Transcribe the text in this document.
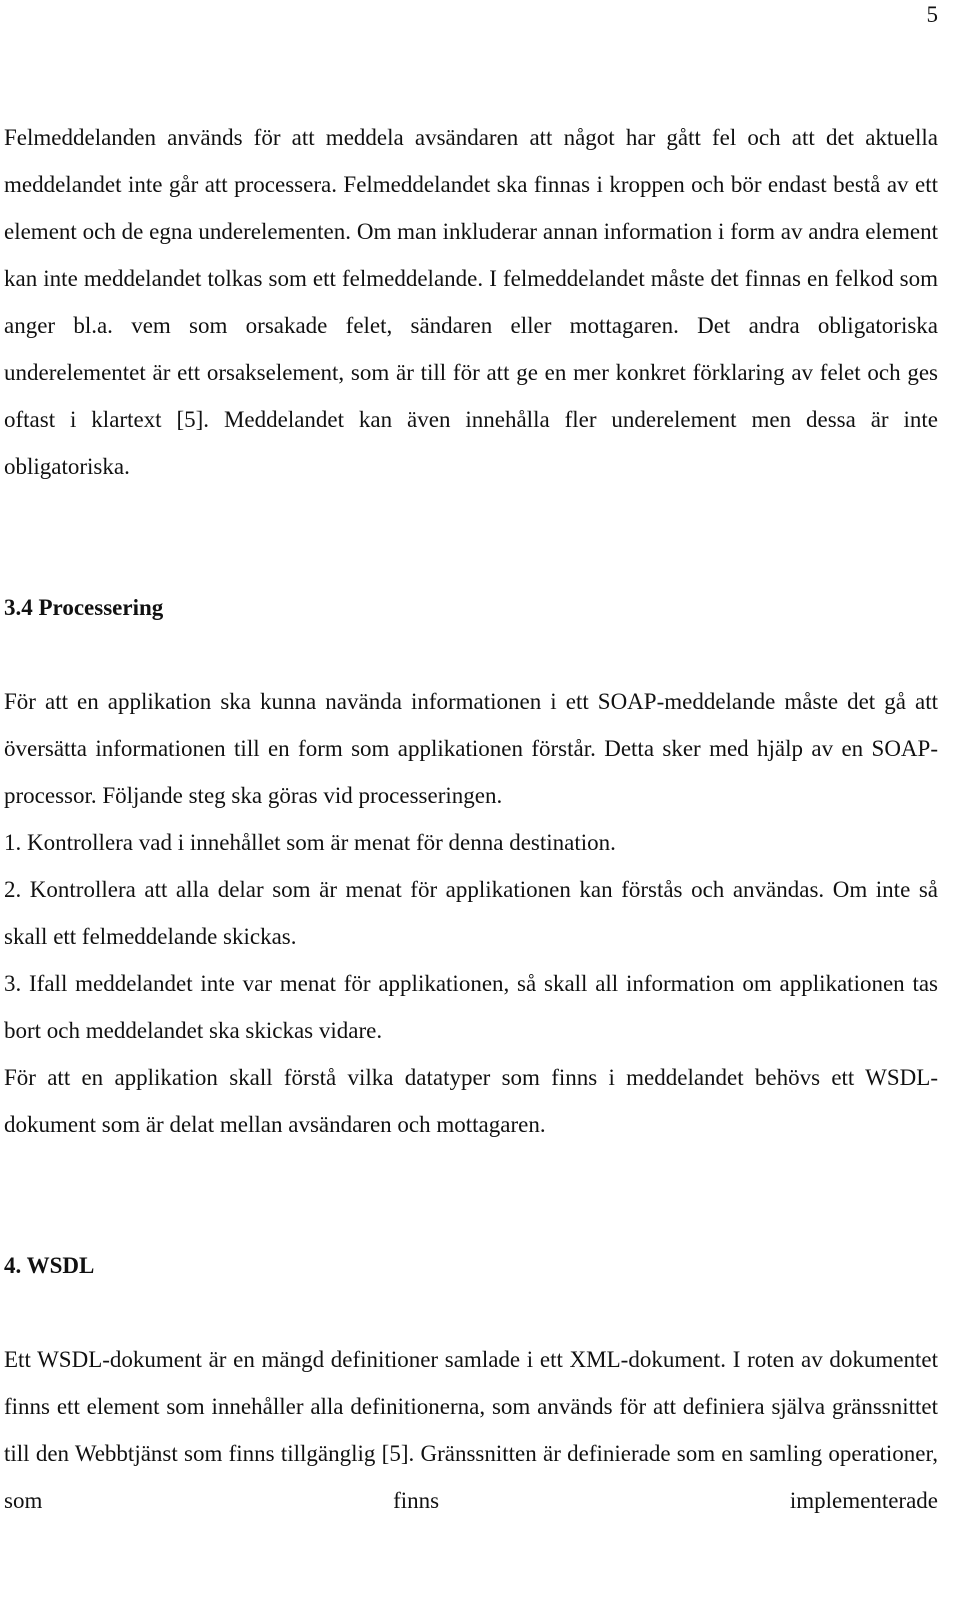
5

Felmeddelanden används för att meddela avsändaren att något har gått fel och att det aktuella meddelandet inte går att processera. Felmeddelandet ska finnas i kroppen och bör endast bestå av ett element och de egna underelementen. Om man inkluderar annan information i form av andra element kan inte meddelandet tolkas som ett felmeddelande. I felmeddelandet måste det finnas en felkod som anger bl.a. vem som orsakade felet, sändaren eller mottagaren. Det andra obligatoriska underelementet är ett orsakselement, som är till för att ge en mer konkret förklaring av felet och ges oftast i klartext [5]. Meddelandet kan även innehålla fler underelement men dessa är inte obligatoriska.

3.4 Processering

För att en applikation ska kunna navända informationen i ett SOAP-meddelande måste det gå att översätta informationen till en form som applikationen förstår. Detta sker med hjälp av en SOAP-processor. Följande steg ska göras vid processeringen.

1. Kontrollera vad i innehållet som är menat för denna destination.

2. Kontrollera att alla delar som är menat för applikationen kan förstås och användas. Om inte så skall ett felmeddelande skickas.

3. Ifall meddelandet inte var menat för applikationen, så skall all information om applikationen tas bort och meddelandet ska skickas vidare.

För att en applikation skall förstå vilka datatyper som finns i meddelandet behövs ett WSDL-dokument som är delat mellan avsändaren och mottagaren.

4. WSDL

Ett WSDL-dokument är en mängd definitioner samlade i ett XML-dokument. I roten av dokumentet finns ett element som innehåller alla definitionerna, som används för att definiera själva gränssnittet till den Webbtjänst som finns tillgänglig [5]. Gränssnitten är definierade som en samling operationer, som finns implementerade
